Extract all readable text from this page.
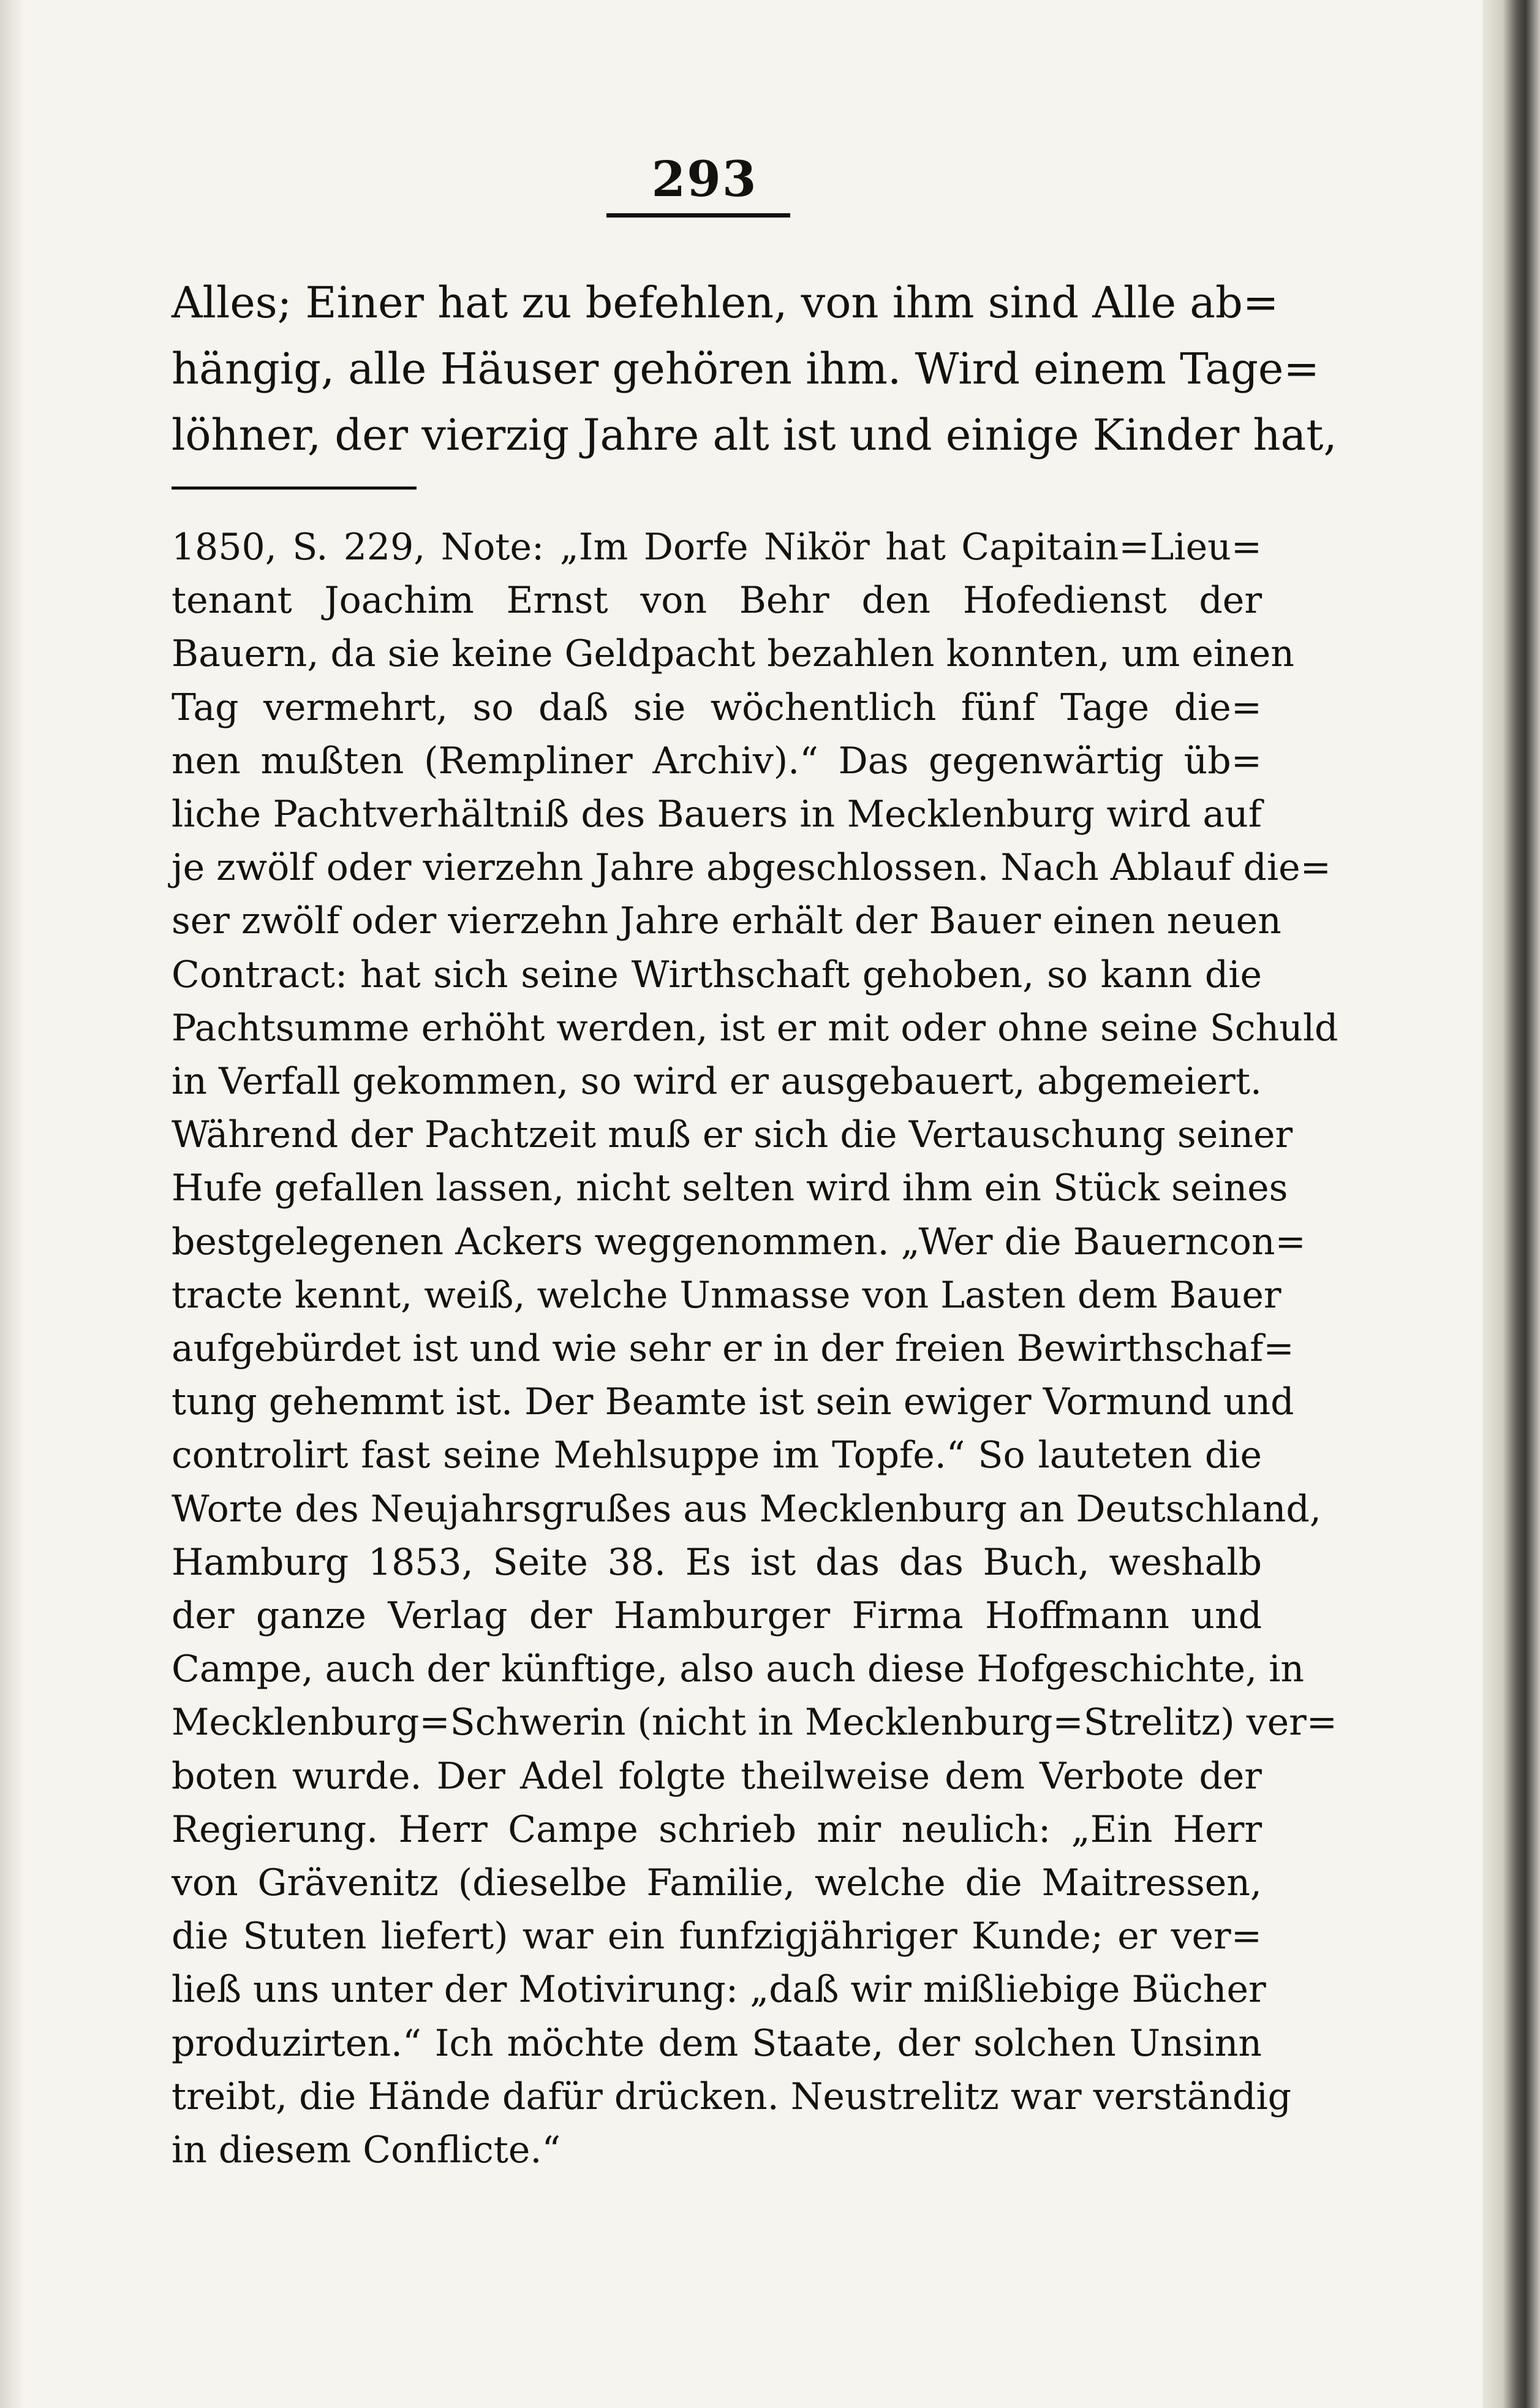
293
Alles; Einer hat zu befehlen, von ihm sind Alle ab=
hängig, alle Häuser gehören ihm. Wird einem Tage=
löhner, der vierzig Jahre alt ist und einige Kinder hat,
1850, S. 229, Note: „Im Dorfe Nikör hat Capitain=Lieu=
tenant Joachim Ernst von Behr den Hofedienst der
Bauern, da sie keine Geldpacht bezahlen konnten, um einen
Tag vermehrt, so daß sie wöchentlich fünf Tage die=
nen mußten (Rempliner Archiv).“ Das gegenwärtig üb=
liche Pachtverhältniß des Bauers in Mecklenburg wird auf
je zwölf oder vierzehn Jahre abgeschlossen. Nach Ablauf die=
ser zwölf oder vierzehn Jahre erhält der Bauer einen neuen
Contract: hat sich seine Wirthschaft gehoben, so kann die
Pachtsumme erhöht werden, ist er mit oder ohne seine Schuld
in Verfall gekommen, so wird er ausgebauert, abgemeiert.
Während der Pachtzeit muß er sich die Vertauschung seiner
Hufe gefallen lassen, nicht selten wird ihm ein Stück seines
bestgelegenen Ackers weggenommen. „Wer die Bauerncon=
tracte kennt, weiß, welche Unmasse von Lasten dem Bauer
aufgebürdet ist und wie sehr er in der freien Bewirthschaf=
tung gehemmt ist. Der Beamte ist sein ewiger Vormund und
controlirt fast seine Mehlsuppe im Topfe.“ So lauteten die
Worte des Neujahrsgrußes aus Mecklenburg an Deutschland,
Hamburg 1853, Seite 38. Es ist das das Buch, weshalb
der ganze Verlag der Hamburger Firma Hoffmann und
Campe, auch der künftige, also auch diese Hofgeschichte, in
Mecklenburg=Schwerin (nicht in Mecklenburg=Strelitz) ver=
boten wurde. Der Adel folgte theilweise dem Verbote der
Regierung. Herr Campe schrieb mir neulich: „Ein Herr
von Grävenitz (dieselbe Familie, welche die Maitressen,
die Stuten liefert) war ein funfzigjähriger Kunde; er ver=
ließ uns unter der Motivirung: „daß wir mißliebige Bücher
produzirten.“ Ich möchte dem Staate, der solchen Unsinn
treibt, die Hände dafür drücken. Neustrelitz war verständig
in diesem Conflicte.“
